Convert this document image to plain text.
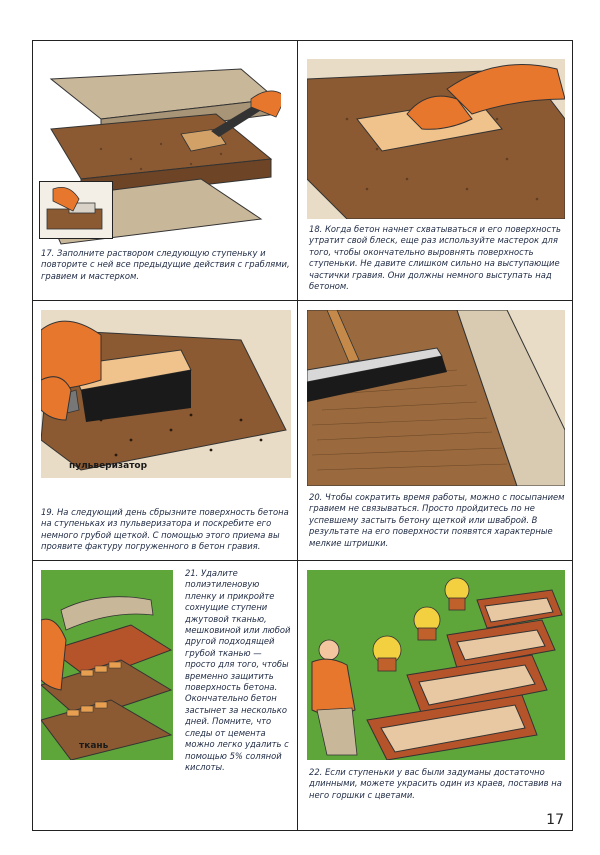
17. Заполните раствором следующую ступеньку и повторите с ней все предыдущие действия с граблями, гравием и мастерком.
18. Когда бетон начнет схватываться и его поверхность утратит свой блеск, еще раз используйте мастерок для того, чтобы окончательно выровнять поверхность ступеньки. Не давите слишком сильно на выступающие частички гравия. Они должны немного выступать над бетоном.
пульверизатор
19. На следующий день сбрызните поверхность бетона на ступеньках из пульверизатора и поскребите его немного грубой щеткой. С помощью этого приема вы проявите фактуру погруженного в бетон гравия.
20. Чтобы сократить время работы, можно с посыпанием гравием не связываться. Просто пройдитесь по не успевшему застыть бетону щеткой или шваброй. В результате на его поверхности появятся характерные мелкие штришки.
ткань
21. Удалите полиэтиленовую пленку и прикройте сохнущие ступени джутовой тканью, мешковиной или любой другой подходящей грубой тканью — просто для того, чтобы временно защитить поверхность бетона. Окончательно бетон застынет за несколько дней. Помните, что следы от цемента можно легко удалить с помощью 5% соляной кислоты.
22. Если ступеньки у вас были задуманы достаточно длинными, можете украсить один из краев, поставив на него горшки с цветами.
17
